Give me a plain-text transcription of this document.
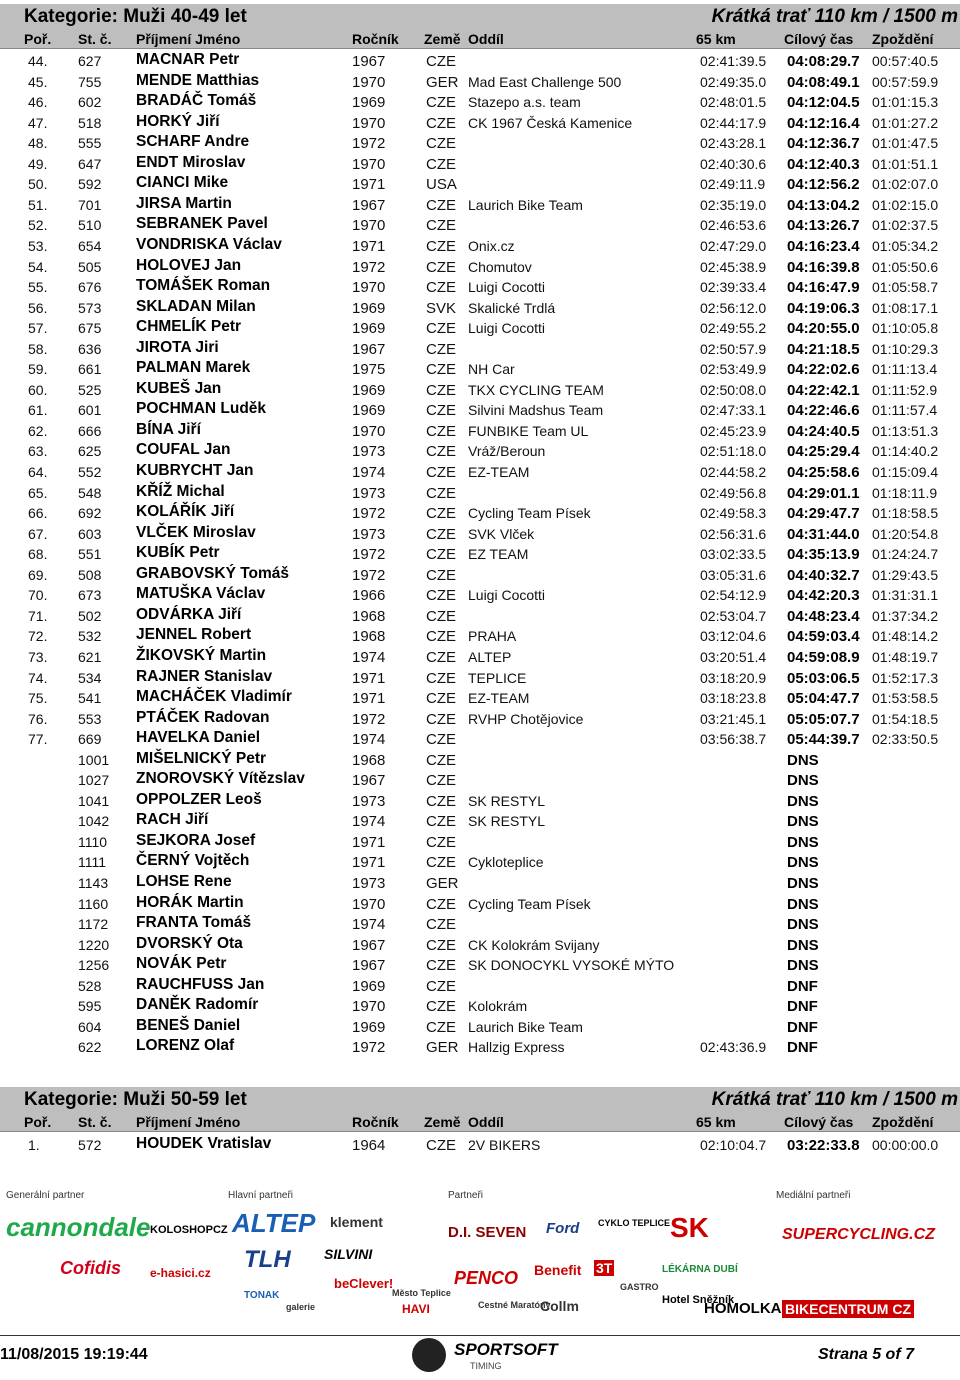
Kategorie: Muži 40-49 let	Krátká trať 110 km / 1500 m
Poř. St. č. Příjmení Jméno	Ročník Země Oddíl	65 km	Cílový čas Zpoždění
44.	627 MACNAR Petr	1967	CZE	02:41:39.5 04:08:29.7 00:57:40.5
45.	755 MENDE Matthias	1970	GER Mad East Challenge 500	02:49:35.0 04:08:49.1 00:57:59.9
46.	602 BRADÁČ Tomáš	1969	CZE Stazepo a.s. team	02:48:01.5 04:12:04.5 01:01:15.3
47.	518 HORKÝ Jiří	1970	CZE CK 1967 Česká Kamenice	02:44:17.9 04:12:16.4 01:01:27.2
48.	555 SCHARF Andre	1972	CZE	02:43:28.1 04:12:36.7 01:01:47.5
49.	647 ENDT Miroslav	1970	CZE	02:40:30.6 04:12:40.3 01:01:51.1
50.	592 CIANCI Mike	1971	USA	02:49:11.9 04:12:56.2 01:02:07.0
51.	701 JIRSA Martin	1967	CZE Laurich Bike Team	02:35:19.0 04:13:04.2 01:02:15.0
52.	510 SEBRANEK Pavel	1970	CZE	02:46:53.6 04:13:26.7 01:02:37.5
53.	654 VONDRISKA Václav	1971	CZE Onix.cz	02:47:29.0 04:16:23.4 01:05:34.2
54.	505 HOLOVEJ Jan	1972	CZE Chomutov	02:45:38.9 04:16:39.8 01:05:50.6
55.	676 TOMÁŠEK Roman	1970	CZE Luigi Cocotti	02:39:33.4 04:16:47.9 01:05:58.7
56.	573 SKLADAN Milan	1969	SVK Skalické Trdlá	02:56:12.0 04:19:06.3 01:08:17.1
57.	675 CHMELÍK Petr	1969	CZE Luigi Cocotti	02:49:55.2 04:20:55.0 01:10:05.8
58.	636 JIROTA Jiri	1967	CZE	02:50:57.9 04:21:18.5 01:10:29.3
59.	661 PALMAN Marek	1975	CZE NH Car	02:53:49.9 04:22:02.6 01:11:13.4
60.	525 KUBEŠ Jan	1969	CZE TKX CYCLING TEAM	02:50:08.0 04:22:42.1 01:11:52.9
61.	601 POCHMAN Luděk	1969	CZE Silvini Madshus Team	02:47:33.1 04:22:46.6 01:11:57.4
62.	666 BÍNA Jiří	1970	CZE FUNBIKE Team UL	02:45:23.9 04:24:40.5 01:13:51.3
63.	625 COUFAL Jan	1973	CZE Vráž/Beroun	02:51:18.0 04:25:29.4 01:14:40.2
64.	552 KUBRYCHT Jan	1974	CZE EZ-TEAM	02:44:58.2 04:25:58.6 01:15:09.4
65.	548 KŘÍŽ Michal	1973	CZE	02:49:56.8 04:29:01.1 01:18:11.9
66.	692 KOLÁŘÍK Jiří	1972	CZE Cycling Team Písek	02:49:58.3 04:29:47.7 01:18:58.5
67.	603 VLČEK Miroslav	1973	CZE SVK Vlček	02:56:31.6 04:31:44.0 01:20:54.8
68.	551 KUBÍK Petr	1972	CZE EZ TEAM	03:02:33.5 04:35:13.9 01:24:24.7
69.	508 GRABOVSKÝ Tomáš	1972	CZE	03:05:31.6 04:40:32.7 01:29:43.5
70.	673 MATUŠKA Václav	1966	CZE Luigi Cocotti	02:54:12.9 04:42:20.3 01:31:31.1
71.	502 ODVÁRKA Jiří	1968	CZE	02:53:04.7 04:48:23.4 01:37:34.2
72.	532 JENNEL Robert	1968	CZE PRAHA	03:12:04.6 04:59:03.4 01:48:14.2
73.	621 ŽIKOVSKÝ Martin	1974	CZE ALTEP	03:20:51.4 04:59:08.9 01:48:19.7
74.	534 RAJNER Stanislav	1971	CZE TEPLICE	03:18:20.9 05:03:06.5 01:52:17.3
75.	541 MACHÁČEK Vladimír	1971	CZE EZ-TEAM	03:18:23.8 05:04:47.7 01:53:58.5
76.	553 PTÁČEK Radovan	1972	CZE RVHP Chotějovice	03:21:45.1 05:05:07.7 01:54:18.5
77.	669 HAVELKA Daniel	1974	CZE	03:56:38.7 05:44:39.7 02:33:50.5
1001 MIŠELNICKÝ Petr	1968	CZE	DNS
1027 ZNOROVSKÝ Vítězslav	1967	CZE	DNS
1041 OPPOLZER Leoš	1973	CZE SK RESTYL	DNS
1042 RACH Jiří	1974	CZE SK RESTYL	DNS
1110 SEJKORA Josef	1971	CZE	DNS
1111 ČERNÝ Vojtěch	1971	CZE Cykloteplice	DNS
1143 LOHSE Rene	1973	GER	DNS
1160 HORÁK Martin	1970	CZE Cycling Team Písek	DNS
1172 FRANTA Tomáš	1974	CZE	DNS
1220 DVORSKÝ Ota	1967	CZE CK Kolokrám Svijany	DNS
1256 NOVÁK Petr	1967	CZE SK DONOCYKL VYSOKÉ MÝTO	DNS
528 RAUCHFUSS Jan	1969	CZE	DNF
595 DANĚK Radomír	1970	CZE Kolokrám	DNF
604 BENEŠ Daniel	1969	CZE Laurich Bike Team	DNF
622 LORENZ Olaf	1972	GER Hallzig Express	02:43:36.9 DNF
Kategorie: Muži 50-59 let	Krátká trať 110 km / 1500 m
Poř. St. č. Příjmení Jméno	Ročník Země Oddíl	65 km	Cílový čas Zpoždění
1.	572 HOUDEK Vratislav	1964	CZE 2V BIKERS	02:10:04.7 03:22:33.8 00:00:00.0
Generální partner	Hlavní partneři	Partneři	Mediální partneři
cannondale
Cofidis
KOLOSHOPCZ
e-hasici.cz
ALTEP
TLH
TONAK
klement
SILVINI
beClever!
galerie
Město Teplice
D.I. SEVEN
PENCO
HAVI
Ford
Benefit
Cestné Maratóny
Collm
CYKLO TEPLICE SK
LÉKÁRNA DUBÍ
Hotel Sněžník
HOMOLKA
SUPERCYCLING.CZ
BIKECENTRUM CZ
GASTRO
3T
11/08/2015 19:19:44	SPORTSOFT
TIMING
Strana 5 of 7
